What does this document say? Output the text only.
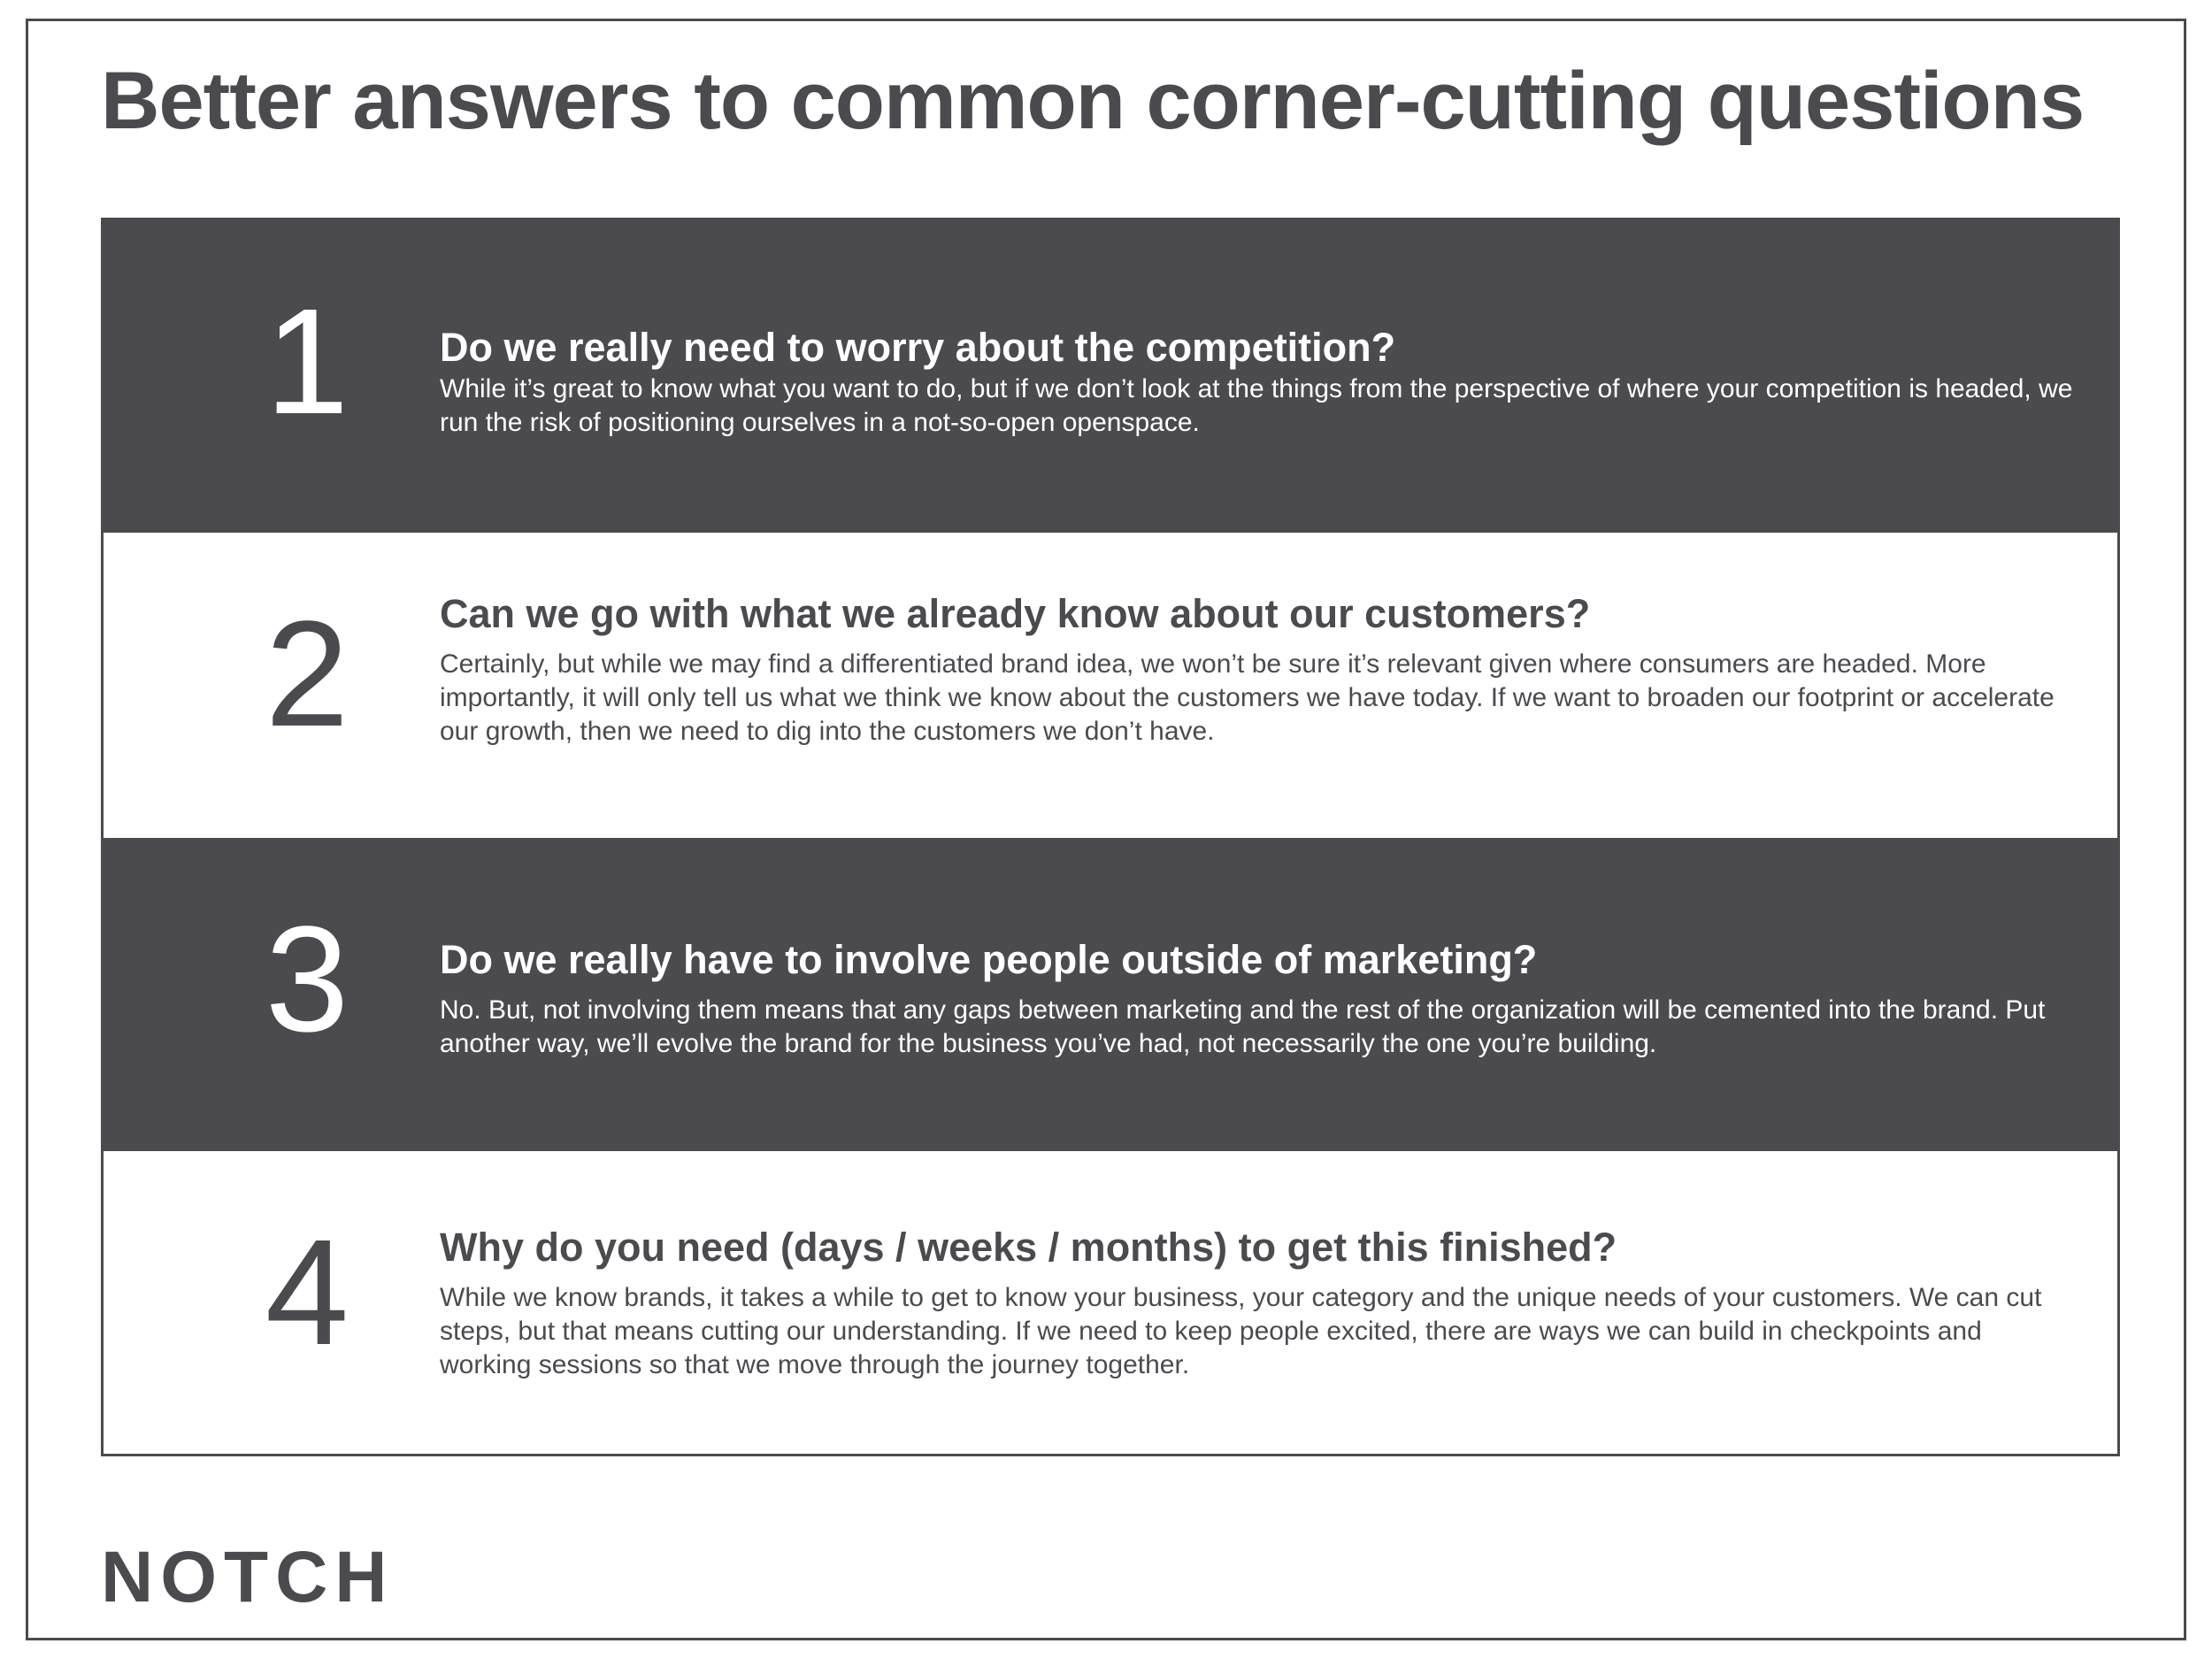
Better answers to common corner-cutting questions
1	Do we really need to worry about the competition?

While it’s great to know what you want to do, but if we don’t look at the things from the perspective of where your competition is headed, we run the risk of positioning ourselves in a not-so-open openspace.

2	Can we go with what we already know about our customers?

Certainly, but while we may find a differentiated brand idea, we won’t be sure it’s relevant given where consumers are headed. More importantly, it will only tell us what we think we know about the customers we have today. If we want to broaden our footprint or accelerate our growth, then we need to dig into the customers we don’t have.

3	Do we really have to involve people outside of marketing?

No. But, not involving them means that any gaps between marketing and the rest of the organization will be cemented into the brand. Put another way, we’ll evolve the brand for the business you’ve had, not necessarily the one you’re building.

4	Why do you need (days / weeks / months) to get this finished?

While we know brands, it takes a while to get to know your business, your category and the unique needs of your customers. We can cut steps, but that means cutting our understanding. If we need to keep people excited, there are ways we can build in checkpoints and working sessions so that we move through the journey together.

NOTCH
